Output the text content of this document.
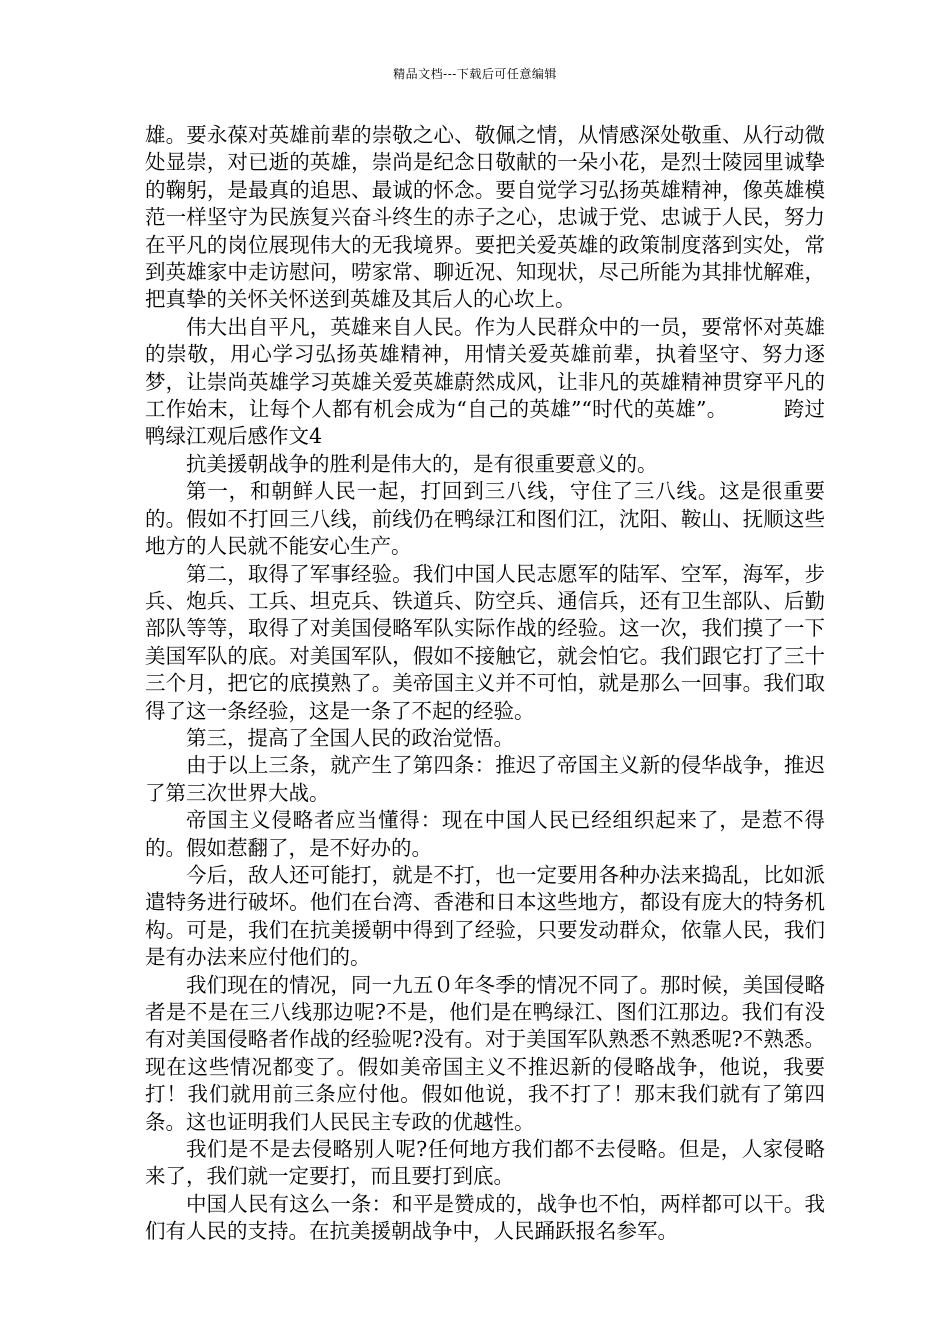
精品文档---下载后可任意编辑

雄。要永葆对英雄前辈的崇敬之心、敬佩之情，从情感深处敬重、从行动微处显崇，对已逝的英雄，崇尚是纪念日敬献的一朵小花，是烈士陵园里诚挚的鞠躬，是最真的追思、最诚的怀念。要自觉学习弘扬英雄精神，像英雄模范一样坚守为民族复兴奋斗终生的赤子之心，忠诚于党、忠诚于人民，努力在平凡的岗位展现伟大的无我境界。要把关爱英雄的政策制度落到实处，常到英雄家中走访慰问，唠家常、聊近况、知现状，尽己所能为其排忧解难，把真挚的关怀关怀送到英雄及其后人的心坎上。

伟大出自平凡，英雄来自人民。作为人民群众中的一员，要常怀对英雄的崇敬，用心学习弘扬英雄精神，用情关爱英雄前辈，执着坚守、努力逐梦，让崇尚英雄学习英雄关爱英雄蔚然成风，让非凡的英雄精神贯穿平凡的工作始末，让每个人都有机会成为“自己的英雄”“时代的英雄”。	跨过鸭绿江观后感作文4

抗美援朝战争的胜利是伟大的，是有很重要意义的。

第一，和朝鲜人民一起，打回到三八线，守住了三八线。这是很重要的。假如不打回三八线，前线仍在鸭绿江和图们江，沈阳、鞍山、抚顺这些地方的人民就不能安心生产。

第二，取得了军事经验。我们中国人民志愿军的陆军、空军，海军，步兵、炮兵、工兵、坦克兵、铁道兵、防空兵、通信兵，还有卫生部队、后勤部队等等，取得了对美国侵略军队实际作战的经验。这一次，我们摸了一下美国军队的底。对美国军队，假如不接触它，就会怕它。我们跟它打了三十三个月，把它的底摸熟了。美帝国主义并不可怕，就是那么一回事。我们取得了这一条经验，这是一条了不起的经验。

第三，提高了全国人民的政治觉悟。

由于以上三条，就产生了第四条：推迟了帝国主义新的侵华战争，推迟了第三次世界大战。

帝国主义侵略者应当懂得：现在中国人民已经组织起来了，是惹不得的。假如惹翻了，是不好办的。

今后，敌人还可能打，就是不打，也一定要用各种办法来捣乱，比如派遣特务进行破坏。他们在台湾、香港和日本这些地方，都设有庞大的特务机构。可是，我们在抗美援朝中得到了经验，只要发动群众，依靠人民，我们是有办法来应付他们的。

我们现在的情况，同一九五０年冬季的情况不同了。那时候，美国侵略者是不是在三八线那边呢?不是，他们是在鸭绿江、图们江那边。我们有没有对美国侵略者作战的经验呢?没有。对于美国军队熟悉不熟悉呢?不熟悉。现在这些情况都变了。假如美帝国主义不推迟新的侵略战争，他说，我要打！我们就用前三条应付他。假如他说，我不打了！那末我们就有了第四条。这也证明我们人民民主专政的优越性。

我们是不是去侵略别人呢?任何地方我们都不去侵略。但是，人家侵略来了，我们就一定要打，而且要打到底。

中国人民有这么一条：和平是赞成的，战争也不怕，两样都可以干。我们有人民的支持。在抗美援朝战争中，人民踊跃报名参军。
